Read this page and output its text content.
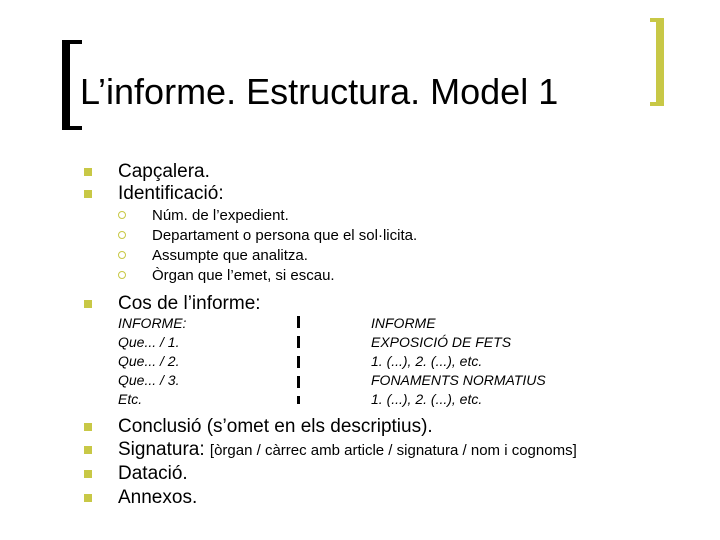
L’informe. Estructura. Model 1
Capçalera.
Identificació:
Núm. de l’expedient.
Departament o persona que el sol·licita.
Assumpte que analitza.
Òrgan que l’emet, si escau.
Cos de l’informe:
INFORME:
Que... / 1.
Que... / 2.
Que... / 3.
Etc.
INFORME
EXPOSICIÓ DE FETS
1. (...), 2. (...), etc.
FONAMENTS NORMATIUS
1. (...), 2. (...), etc.
Conclusió (s’omet en els descriptius).
Signatura: [òrgan / càrrec amb article / signatura / nom i cognoms]
Datació.
Annexos.
